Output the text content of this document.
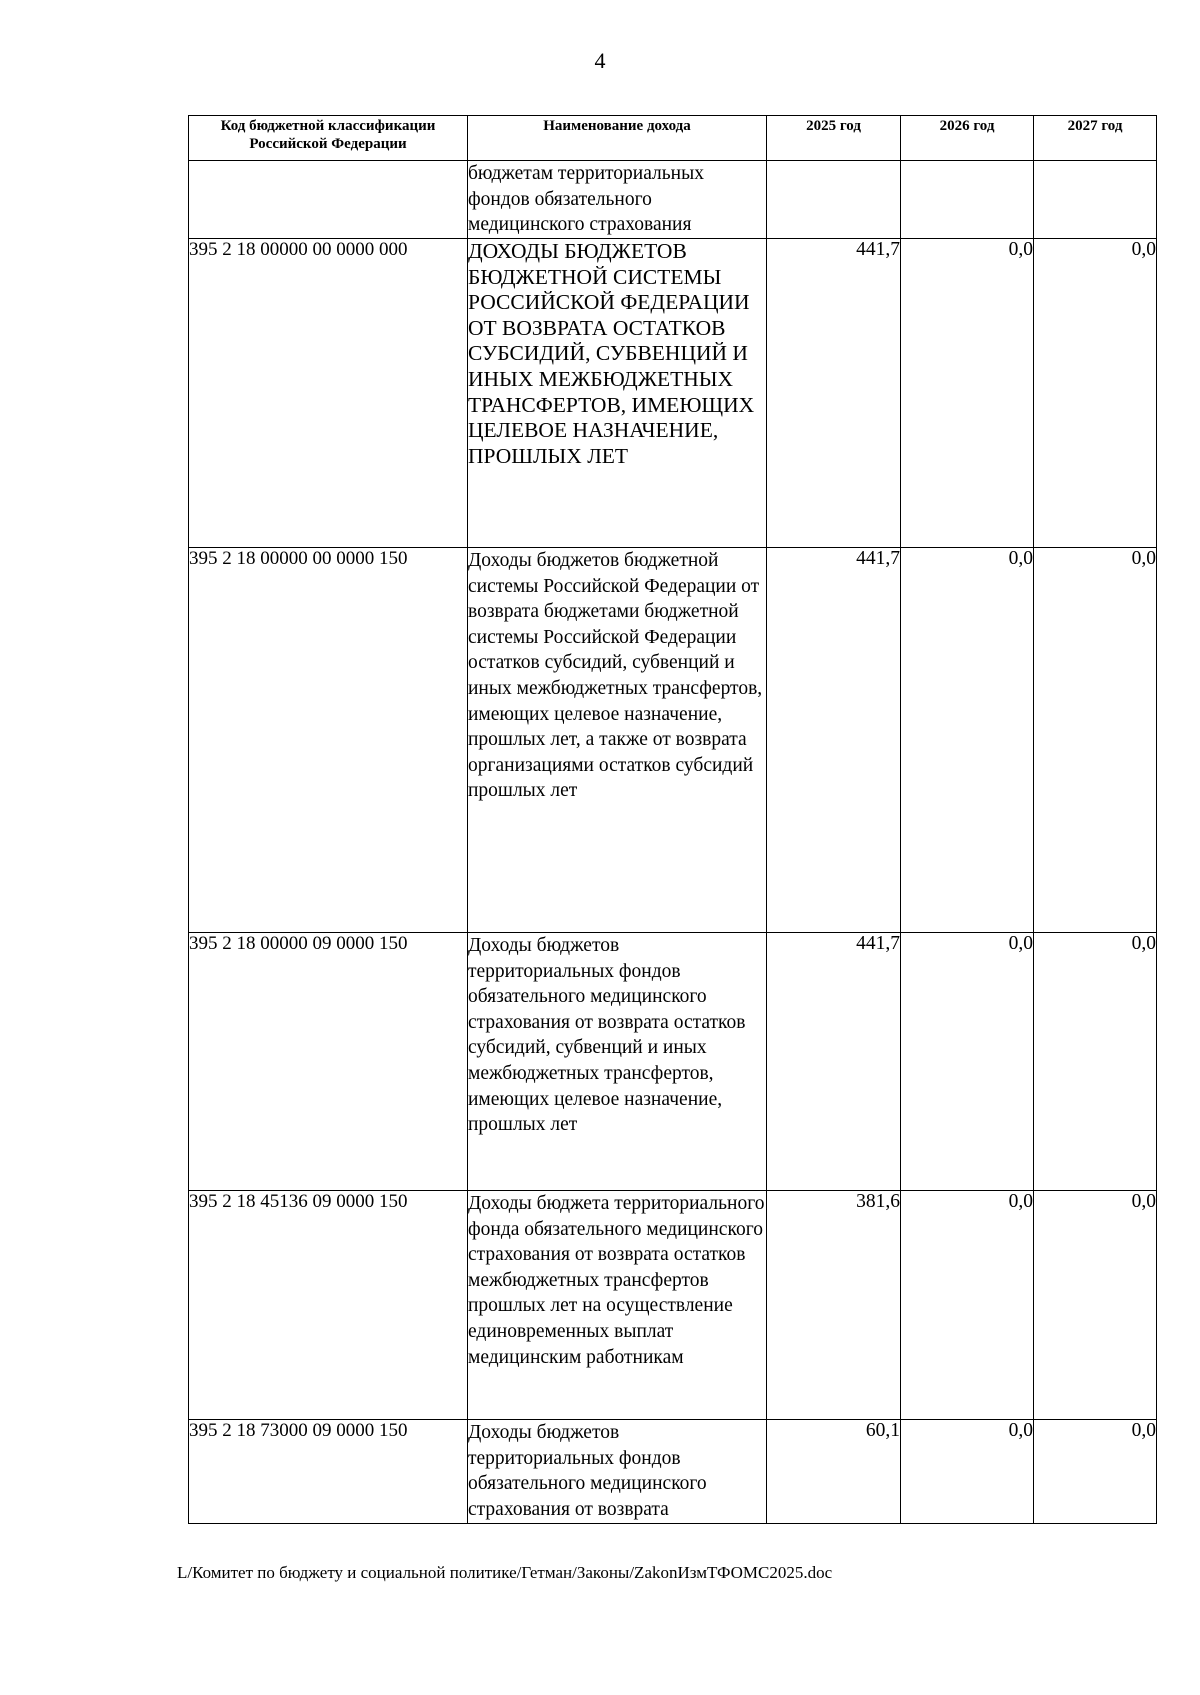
4
Код бюджетной классификации Российской Федерации	Наименование дохода	2025 год	2026 год	2027 год
	бюджетам территориальных фондов обязательного медицинского страхования			
395 2 18 00000 00 0000 000	ДОХОДЫ БЮДЖЕТОВ БЮДЖЕТНОЙ СИСТЕМЫ РОССИЙСКОЙ ФЕДЕРАЦИИ ОТ ВОЗВРАТА ОСТАТКОВ СУБСИДИЙ, СУБВЕНЦИЙ И ИНЫХ МЕЖБЮДЖЕТНЫХ ТРАНСФЕРТОВ, ИМЕЮЩИХ ЦЕЛЕВОЕ НАЗНАЧЕНИЕ, ПРОШЛЫХ ЛЕТ	441,7	0,0	0,0
395 2 18 00000 00 0000 150	Доходы бюджетов бюджетной системы Российской Федерации от возврата бюджетами бюджетной системы Российской Федерации остатков субсидий, субвенций и иных межбюджетных трансфертов, имеющих целевое назначение, прошлых лет, а также от возврата организациями остатков субсидий прошлых лет	441,7	0,0	0,0
395 2 18 00000 09 0000 150	Доходы бюджетов территориальных фондов обязательного медицинского страхования от возврата остатков субсидий, субвенций и иных межбюджетных трансфертов, имеющих целевое назначение, прошлых лет	441,7	0,0	0,0
395 2 18 45136 09 0000 150	Доходы бюджета территориального фонда обязательного медицинского страхования от возврата остатков межбюджетных трансфертов прошлых лет на осуществление единовременных выплат медицинским работникам	381,6	0,0	0,0
395 2 18 73000 09 0000 150	Доходы бюджетов территориальных фондов обязательного медицинского страхования от возврата	60,1	0,0	0,0
L/Комитет по бюджету и социальной политике/Гетман/Законы/ZakonИзмТФОМС2025.doc
